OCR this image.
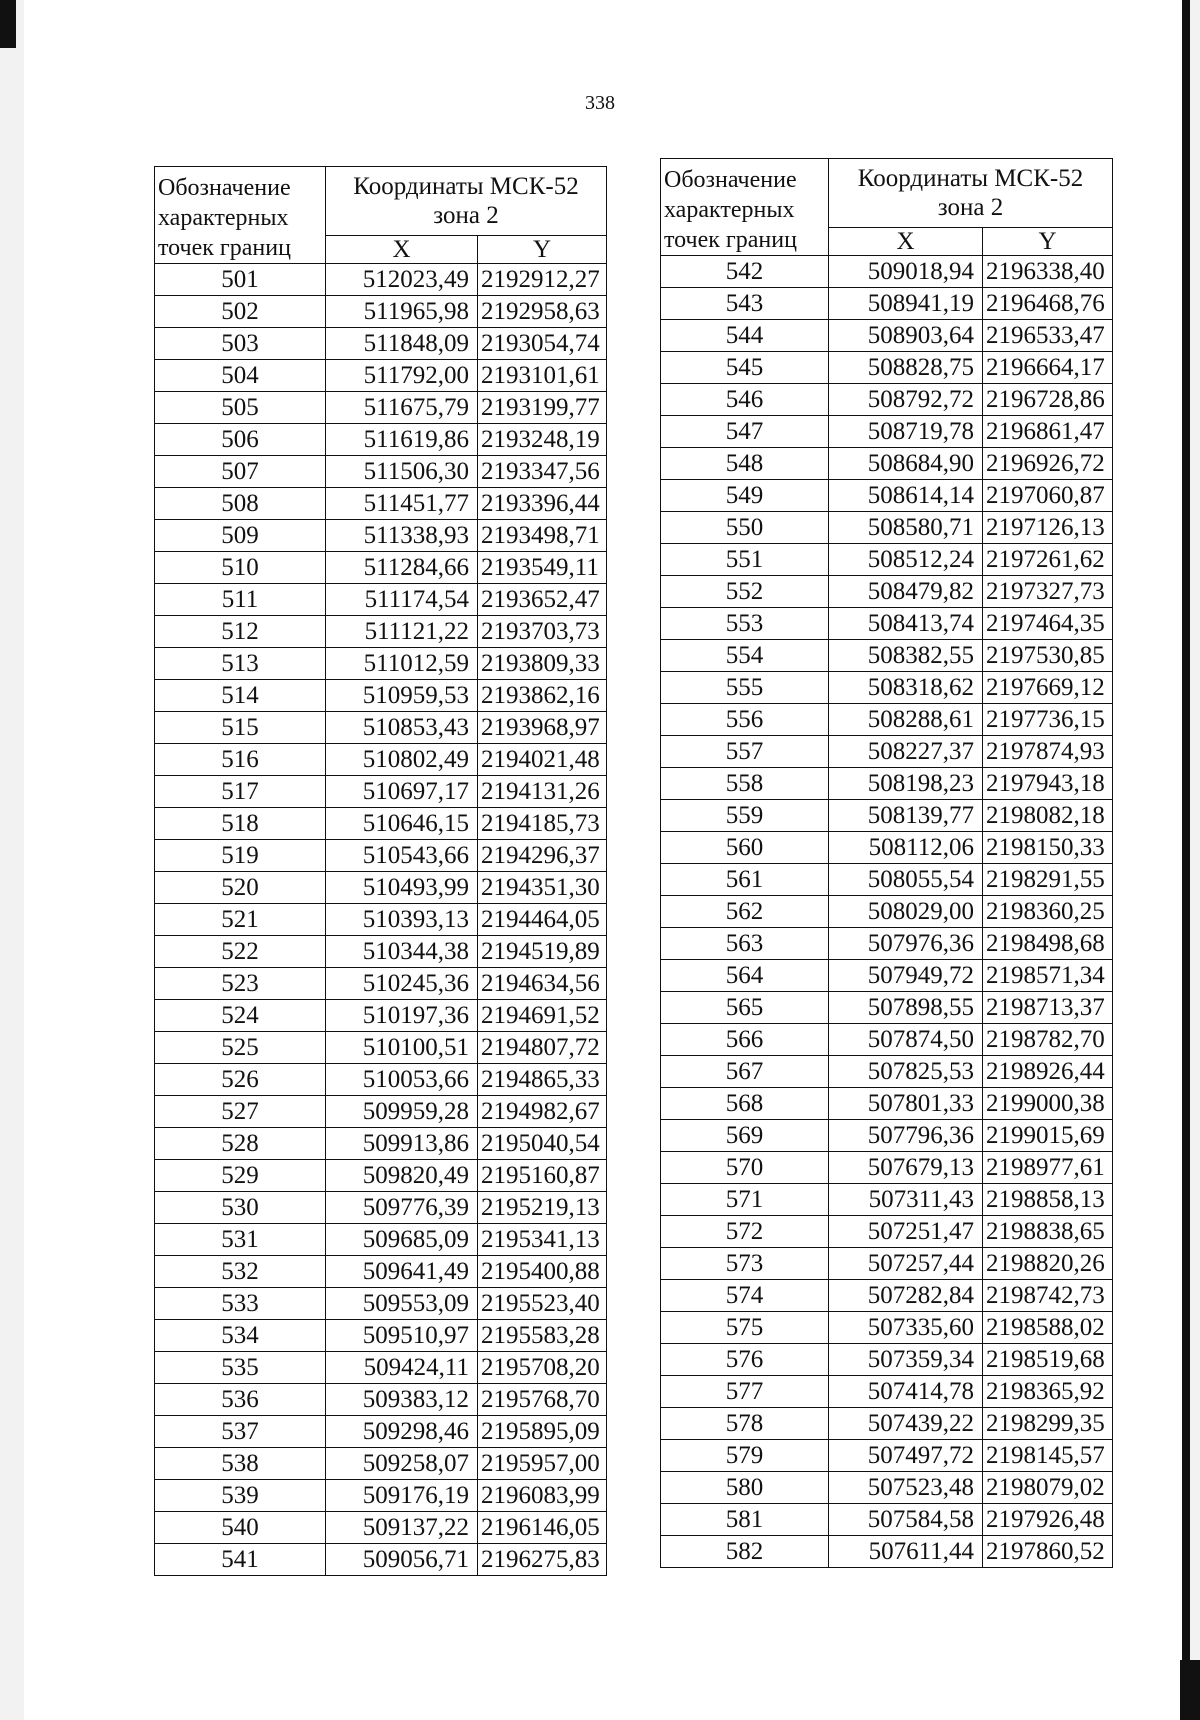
338
Обозначение характерных точек границ	Координаты МСК-52 зона 2	
	X	Y
501	512023,49	2192912,27
502	511965,98	2192958,63
503	511848,09	2193054,74
504	511792,00	2193101,61
505	511675,79	2193199,77
506	511619,86	2193248,19
507	511506,30	2193347,56
508	511451,77	2193396,44
509	511338,93	2193498,71
510	511284,66	2193549,11
511	511174,54	2193652,47
512	511121,22	2193703,73
513	511012,59	2193809,33
514	510959,53	2193862,16
515	510853,43	2193968,97
516	510802,49	2194021,48
517	510697,17	2194131,26
518	510646,15	2194185,73
519	510543,66	2194296,37
520	510493,99	2194351,30
521	510393,13	2194464,05
522	510344,38	2194519,89
523	510245,36	2194634,56
524	510197,36	2194691,52
525	510100,51	2194807,72
526	510053,66	2194865,33
527	509959,28	2194982,67
528	509913,86	2195040,54
529	509820,49	2195160,87
530	509776,39	2195219,13
531	509685,09	2195341,13
532	509641,49	2195400,88
533	509553,09	2195523,40
534	509510,97	2195583,28
535	509424,11	2195708,20
536	509383,12	2195768,70
537	509298,46	2195895,09
538	509258,07	2195957,00
539	509176,19	2196083,99
540	509137,22	2196146,05
541	509056,71	2196275,83
Обозначение характерных точек границ	Координаты МСК-52 зона 2	
	X	Y
542	509018,94	2196338,40
543	508941,19	2196468,76
544	508903,64	2196533,47
545	508828,75	2196664,17
546	508792,72	2196728,86
547	508719,78	2196861,47
548	508684,90	2196926,72
549	508614,14	2197060,87
550	508580,71	2197126,13
551	508512,24	2197261,62
552	508479,82	2197327,73
553	508413,74	2197464,35
554	508382,55	2197530,85
555	508318,62	2197669,12
556	508288,61	2197736,15
557	508227,37	2197874,93
558	508198,23	2197943,18
559	508139,77	2198082,18
560	508112,06	2198150,33
561	508055,54	2198291,55
562	508029,00	2198360,25
563	507976,36	2198498,68
564	507949,72	2198571,34
565	507898,55	2198713,37
566	507874,50	2198782,70
567	507825,53	2198926,44
568	507801,33	2199000,38
569	507796,36	2199015,69
570	507679,13	2198977,61
571	507311,43	2198858,13
572	507251,47	2198838,65
573	507257,44	2198820,26
574	507282,84	2198742,73
575	507335,60	2198588,02
576	507359,34	2198519,68
577	507414,78	2198365,92
578	507439,22	2198299,35
579	507497,72	2198145,57
580	507523,48	2198079,02
581	507584,58	2197926,48
582	507611,44	2197860,52
